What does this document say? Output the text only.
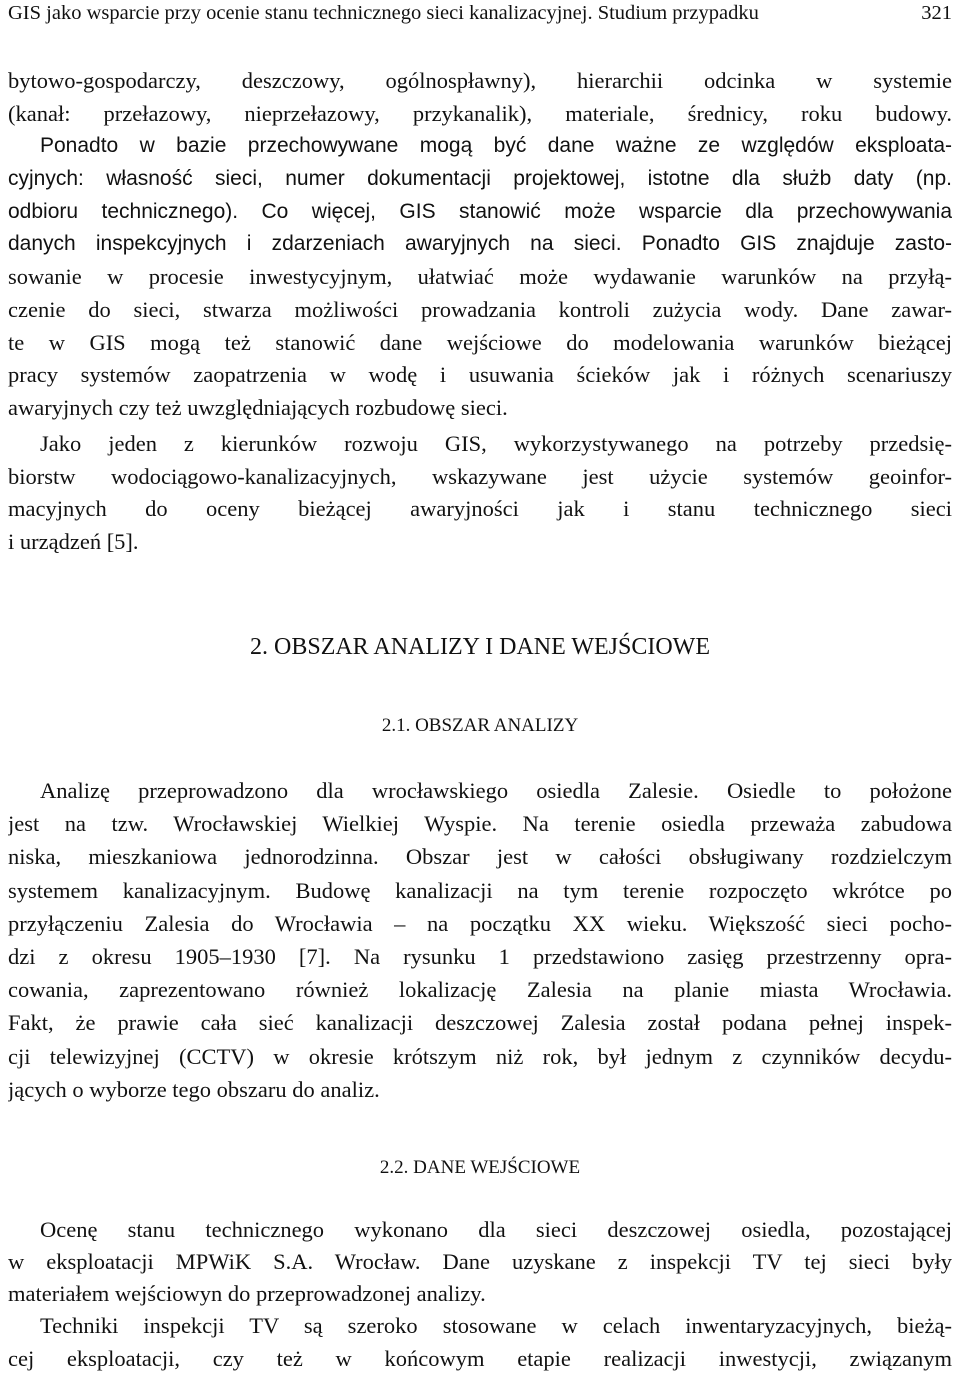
GIS jako wsparcie przy ocenie stanu technicznego sieci kanalizacyjnej. Studium przypadku	321
bytowo-gospodarczy, deszczowy, ogólnospławny), hierarchii odcinka w systemie
(kanał: przełazowy, nieprzełazowy, przykanalik), materiale, średnicy, roku budowy.
Ponadto w bazie przechowywane mogą być dane ważne ze względów eksploata-
cyjnych: własność sieci, numer dokumentacji projektowej, istotne dla służb daty (np.
odbioru technicznego). Co więcej, GIS stanowić może wsparcie dla przechowywania
danych inspekcyjnych i zdarzeniach awaryjnych na sieci. Ponadto GIS znajduje zasto-
sowanie w procesie inwestycyjnym, ułatwiać może wydawanie warunków na przyłą-
czenie do sieci, stwarza możliwości prowadzania kontroli zużycia wody. Dane zawar-
te w GIS mogą też stanowić dane wejściowe do modelowania warunków bieżącej
pracy systemów zaopatrzenia w wodę i usuwania ścieków jak i różnych scenariuszy
awaryjnych czy też uwzględniających rozbudowę sieci.
Jako jeden z kierunków rozwoju GIS, wykorzystywanego na potrzeby przedsię-
biorstw wodociągowo-kanalizacyjnych, wskazywane jest użycie systemów geoinfor-
macyjnych do oceny bieżącej awaryjności jak i stanu technicznego sieci
i urządzeń [5].
2. OBSZAR ANALIZY I DANE WEJŚCIOWE
2.1. OBSZAR ANALIZY
Analizę przeprowadzono dla wrocławskiego osiedla Zalesie. Osiedle to położone
jest na tzw. Wrocławskiej Wielkiej Wyspie. Na terenie osiedla przeważa zabudowa
niska, mieszkaniowa jednorodzinna. Obszar jest w całości obsługiwany rozdzielczym
systemem kanalizacyjnym. Budowę kanalizacji na tym terenie rozpoczęto wkrótce po
przyłączeniu Zalesia do Wrocławia – na początku XX wieku. Większość sieci pocho-
dzi z okresu 1905–1930 [7]. Na rysunku 1 przedstawiono zasięg przestrzenny opra-
cowania, zaprezentowano również lokalizację Zalesia na planie miasta Wrocławia.
Fakt, że prawie cała sieć kanalizacji deszczowej Zalesia został podana pełnej inspek-
cji telewizyjnej (CCTV) w okresie krótszym niż rok, był jednym z czynników decydu-
jących o wyborze tego obszaru do analiz.
2.2. DANE WEJŚCIOWE
Ocenę stanu technicznego wykonano dla sieci deszczowej osiedla, pozostającej
w eksploatacji MPWiK S.A. Wrocław. Dane uzyskane z inspekcji TV tej sieci były
materiałem wejściowyn do przeprowadzonej analizy.
Techniki inspekcji TV są szeroko stosowane w celach inwentaryzacyjnych, bieżą-
cej eksploatacji, czy też w końcowym etapie realizacji inwestycji, związanym
